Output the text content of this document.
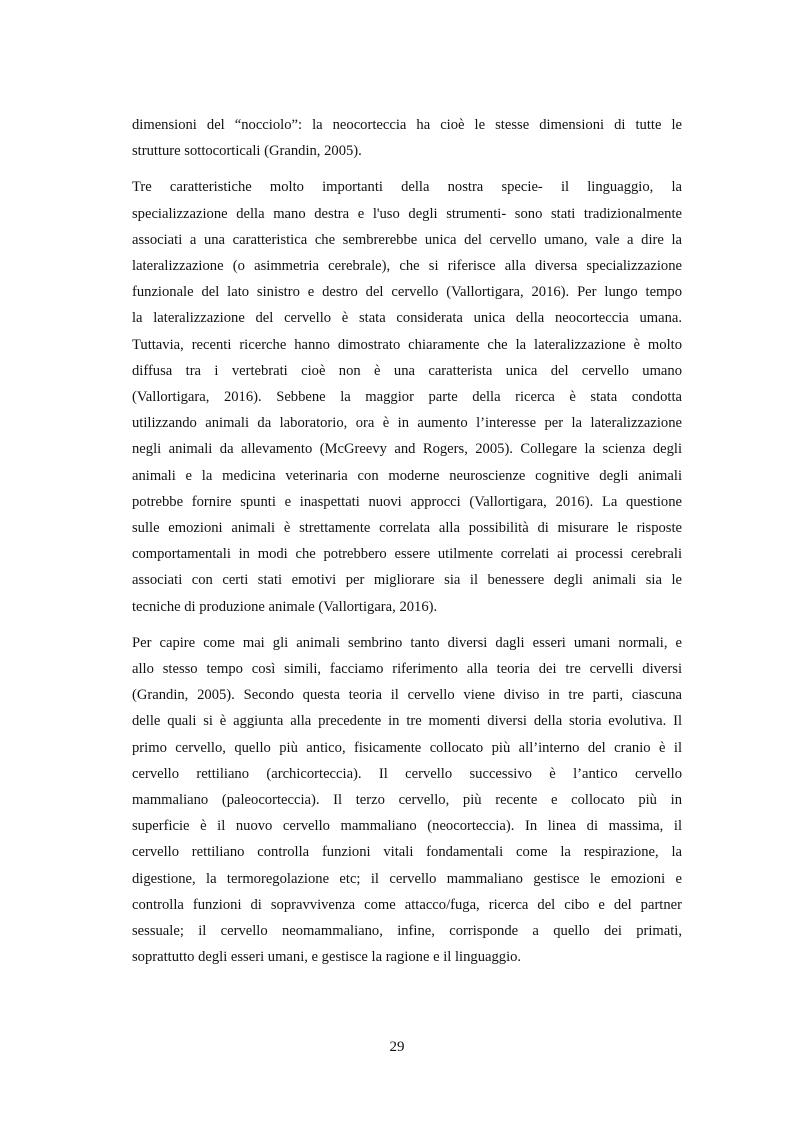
dimensioni del “nocciolo”: la neocorteccia ha cioè le stesse dimensioni di tutte le
strutture sottocorticali (Grandin, 2005).
Tre caratteristiche molto importanti della nostra specie- il linguaggio, la
specializzazione della mano destra e l'uso degli strumenti- sono stati tradizionalmente
associati a una caratteristica che sembrerebbe unica del cervello umano, vale a dire la
lateralizzazione (o asimmetria cerebrale), che si riferisce alla diversa specializzazione
funzionale del lato sinistro e destro del cervello (Vallortigara, 2016). Per lungo tempo
la lateralizzazione del cervello è stata considerata unica della neocorteccia umana.
Tuttavia, recenti ricerche hanno dimostrato chiaramente che la lateralizzazione è molto
diffusa tra i vertebrati cioè non è una caratterista unica del cervello umano
(Vallortigara, 2016). Sebbene la maggior parte della ricerca è stata condotta
utilizzando animali da laboratorio, ora è in aumento l’interesse per la lateralizzazione
negli animali da allevamento (McGreevy and Rogers, 2005). Collegare la scienza degli
animali e la medicina veterinaria con moderne neuroscienze cognitive degli animali
potrebbe fornire spunti e inaspettati nuovi approcci (Vallortigara, 2016). La questione
sulle emozioni animali è strettamente correlata alla possibilità di misurare le risposte
comportamentali in modi che potrebbero essere utilmente correlati ai processi cerebrali
associati con certi stati emotivi per migliorare sia il benessere degli animali sia le
tecniche di produzione animale (Vallortigara, 2016).
Per capire come mai gli animali sembrino tanto diversi dagli esseri umani normali, e
allo stesso tempo così simili, facciamo riferimento alla teoria dei tre cervelli diversi
(Grandin, 2005). Secondo questa teoria il cervello viene diviso in tre parti, ciascuna
delle quali si è aggiunta alla precedente in tre momenti diversi della storia evolutiva. Il
primo cervello, quello più antico, fisicamente collocato più all’interno del cranio è il
cervello rettiliano (archicorteccia). Il cervello successivo è l’antico cervello
mammaliano (paleocorteccia). Il terzo cervello, più recente e collocato più in
superficie è il nuovo cervello mammaliano (neocorteccia). In linea di massima, il
cervello rettiliano controlla funzioni vitali fondamentali come la respirazione, la
digestione, la termoregolazione etc; il cervello mammaliano gestisce le emozioni e
controlla funzioni di sopravvivenza come attacco/fuga, ricerca del cibo e del partner
sessuale; il cervello neomammaliano, infine, corrisponde a quello dei primati,
soprattutto degli esseri umani, e gestisce la ragione e il linguaggio.
29
